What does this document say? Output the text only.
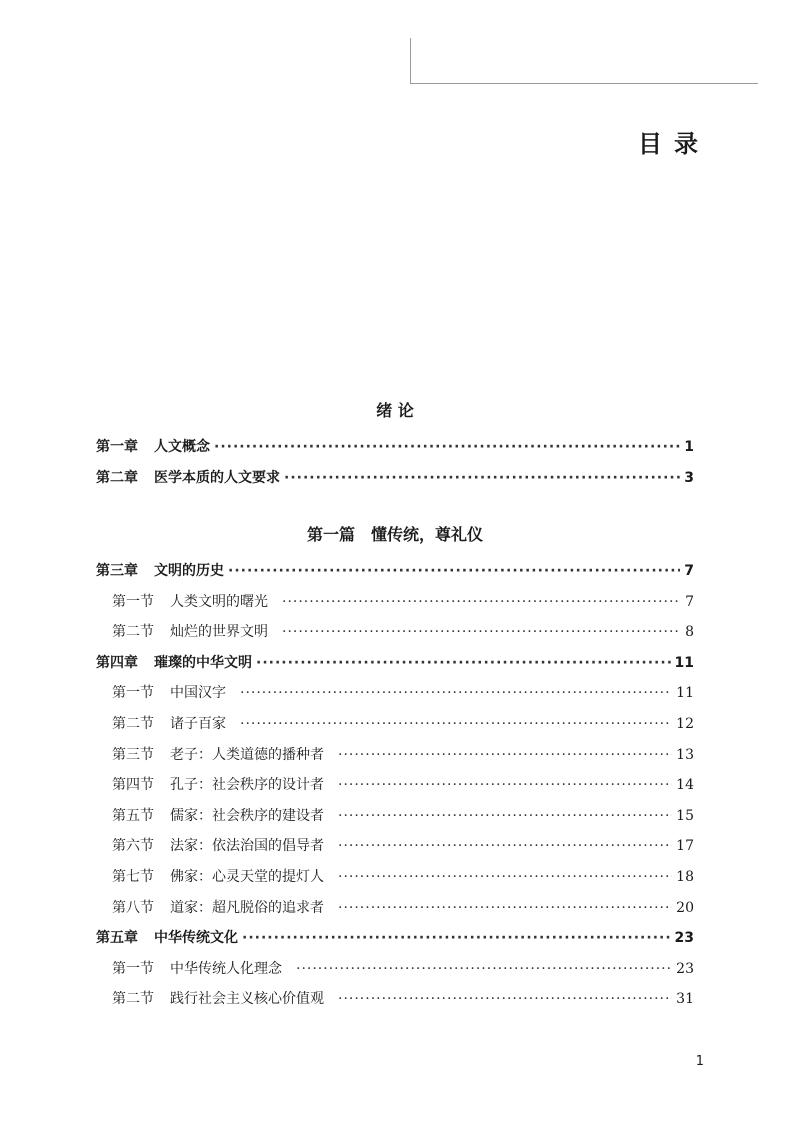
目录
绪 论
第一章 人文概念 ·····	1
第二章 医学本质的人文要求 ·····	3
第一篇　懂传统，尊礼仪
第三章 文明的历史 ·····	7
第一节 人类文明的曙光 ·····	7
第二节 灿烂的世界文明 ·····	8
第四章 璀璨的中华文明 ·····	11
第一节 中国汉字 ·····	11
第二节 诸子百家 ·····	12
第三节 老子：人类道德的播种者 ·····	13
第四节 孔子：社会秩序的设计者 ·····	14
第五节 儒家：社会秩序的建设者 ·····	15
第六节 法家：依法治国的倡导者 ·····	17
第七节 佛家：心灵天堂的提灯人 ·····	18
第八节 道家：超凡脱俗的追求者 ·····	20
第五章 中华传统文化 ·····	23
第一节 中华传统人化理念 ·····	23
第二节 践行社会主义核心价值观 ·····	31
1
